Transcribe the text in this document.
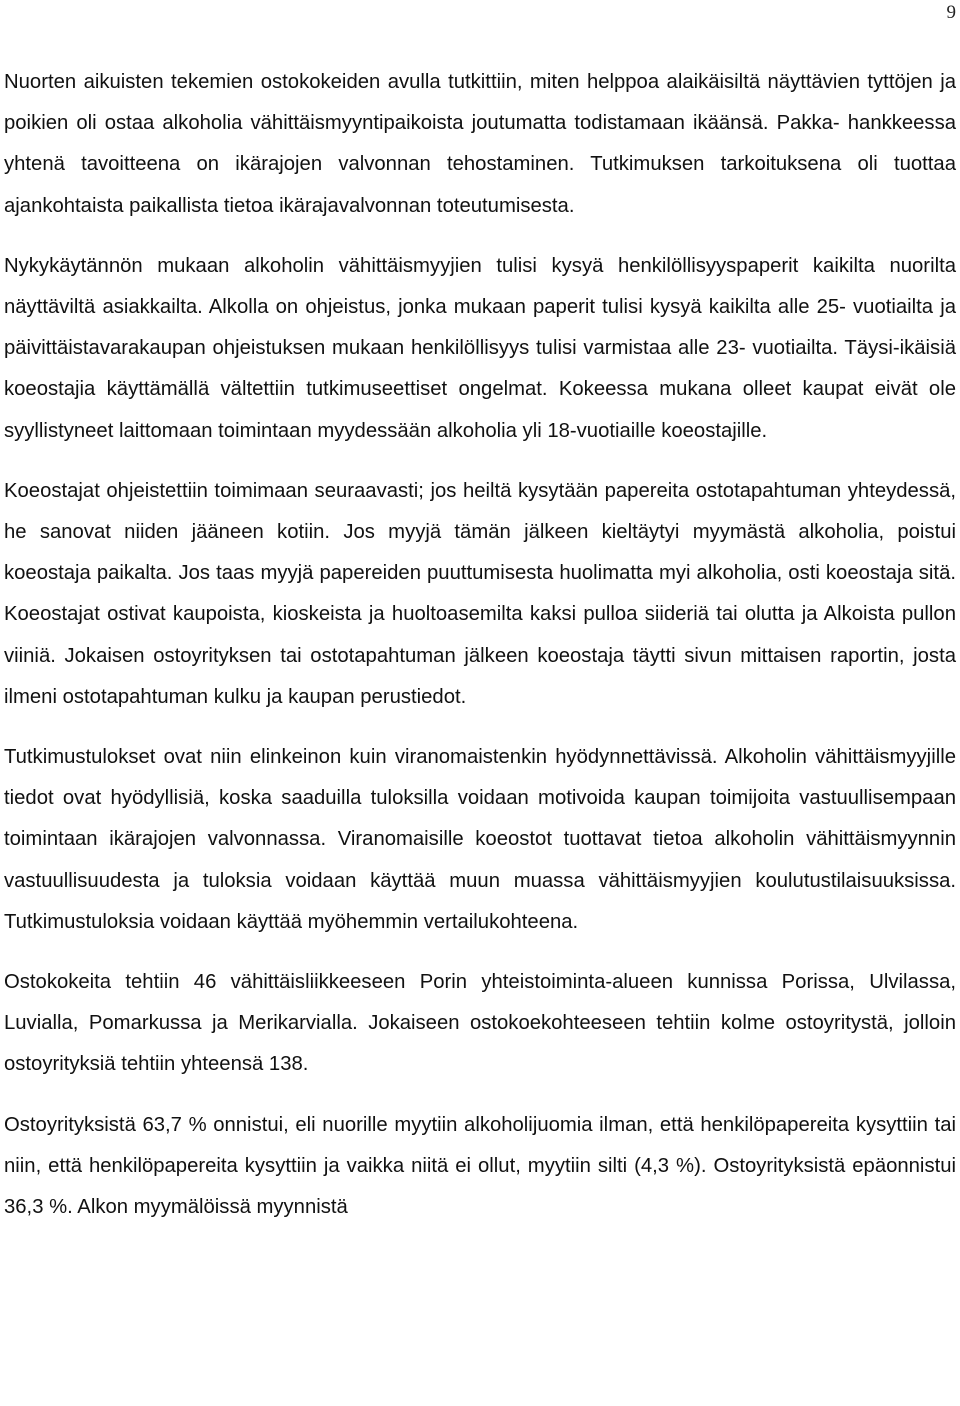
9

Nuorten aikuisten tekemien ostokokeiden avulla tutkittiin, miten helppoa alaikäisiltä näyttävien tyttöjen ja poikien oli ostaa alkoholia vähittäismyyntipaikoista joutumatta todistamaan ikäänsä. Pakka- hankkeessa yhtenä tavoitteena on ikärajojen valvonnan tehostaminen. Tutkimuksen tarkoituksena oli tuottaa ajankohtaista paikallista tietoa ikärajavalvonnan toteutumisesta.

Nykykäytännön mukaan alkoholin vähittäismyyjien tulisi kysyä henkilöllisyyspaperit kaikilta nuorilta näyttäviltä asiakkailta. Alkolla on ohjeistus, jonka mukaan paperit tulisi kysyä kaikilta alle 25- vuotiailta ja päivittäistavarakaupan ohjeistuksen mukaan henkilöllisyys tulisi varmistaa alle 23- vuotiailta. Täysi-ikäisiä koeostajia käyttämällä vältettiin tutkimuseettiset ongelmat. Kokeessa mukana olleet kaupat eivät ole syyllistyneet laittomaan toimintaan myydessään alkoholia yli 18-vuotiaille koeostajille.

Koeostajat ohjeistettiin toimimaan seuraavasti; jos heiltä kysytään papereita ostotapahtuman yhteydessä, he sanovat niiden jääneen kotiin. Jos myyjä tämän jälkeen kieltäytyi myymästä alkoholia, poistui koeostaja paikalta. Jos taas myyjä papereiden puuttumisesta huolimatta myi alkoholia, osti koeostaja sitä. Koeostajat ostivat kaupoista, kioskeista ja huoltoasemilta kaksi pulloa siideriä tai olutta ja Alkoista pullon viiniä. Jokaisen ostoyrityksen tai ostotapahtuman jälkeen koeostaja täytti sivun mittaisen raportin, josta ilmeni ostotapahtuman kulku ja kaupan perustiedot.

Tutkimustulokset ovat niin elinkeinon kuin viranomaistenkin hyödynnettävissä. Alkoholin vähittäismyyjille tiedot ovat hyödyllisiä, koska saaduilla tuloksilla voidaan motivoida kaupan toimijoita vastuullisempaan toimintaan ikärajojen valvonnassa. Viranomaisille koeostot tuottavat tietoa alkoholin vähittäismyynnin vastuullisuudesta ja tuloksia voidaan käyttää muun muassa vähittäismyyjien koulutustilaisuuksissa. Tutkimustuloksia voidaan käyttää myöhemmin vertailukohteena.

Ostokokeita tehtiin 46 vähittäisliikkeeseen Porin yhteistoiminta-alueen kunnissa Porissa, Ulvilassa, Luvialla, Pomarkussa ja Merikarvialla. Jokaiseen ostokoekohteeseen tehtiin kolme ostoyritystä, jolloin ostoyrityksiä tehtiin yhteensä 138.

Ostoyrityksistä 63,7 % onnistui, eli nuorille myytiin alkoholijuomia ilman, että henkilöpapereita kysyttiin tai niin, että henkilöpapereita kysyttiin ja vaikka niitä ei ollut, myytiin silti (4,3 %). Ostoyrityksistä epäonnistui 36,3 %. Alkon myymälöissä myynnistä
